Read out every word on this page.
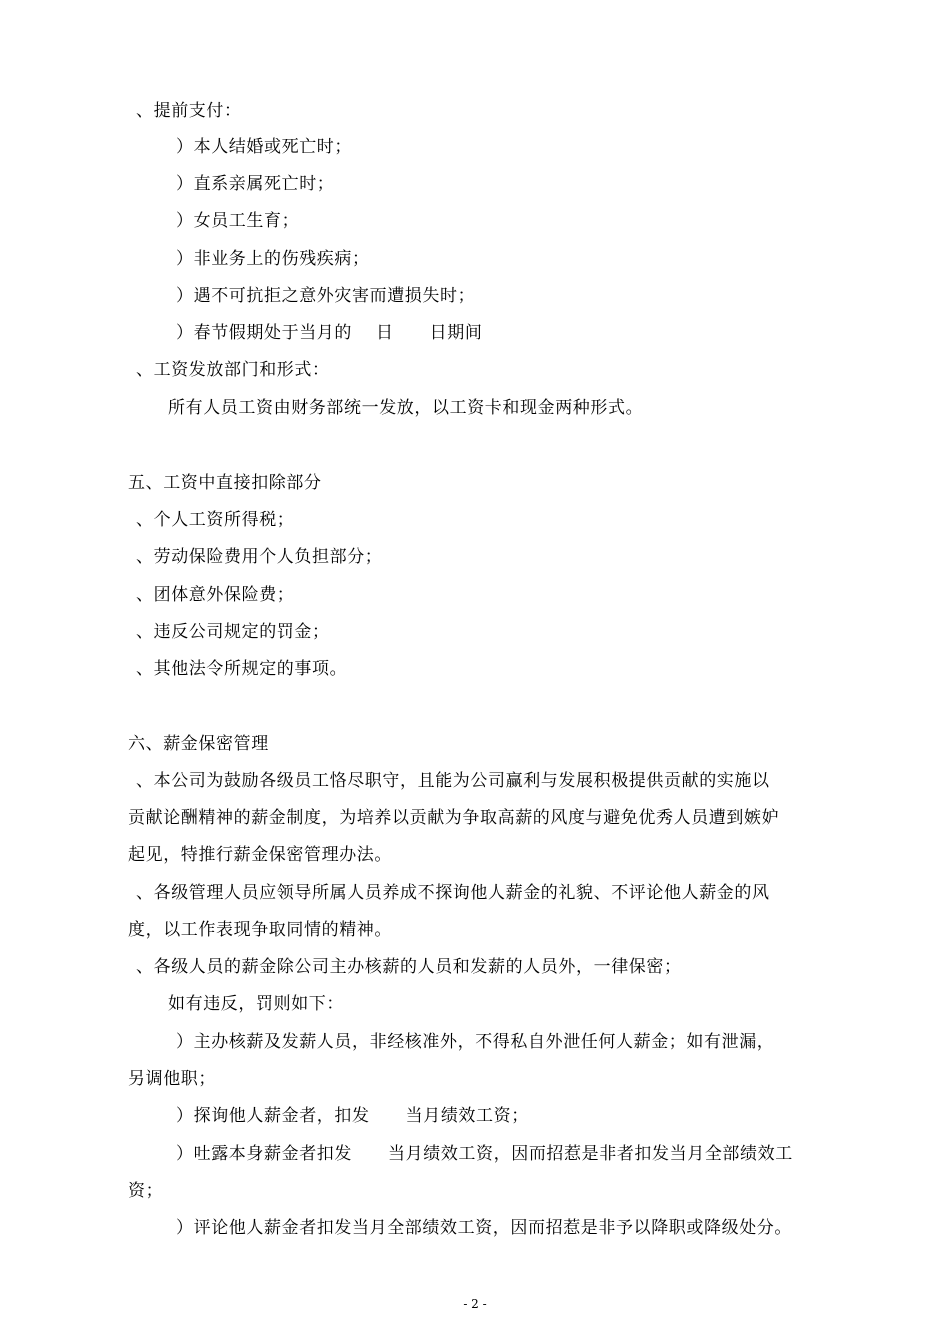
、提前支付：
）本人结婚或死亡时；
）直系亲属死亡时；
）女员工生育；
）非业务上的伤残疾病；
）遇不可抗拒之意外灾害而遭损失时；
）春节假期处于当月的    日      日期间
、工资发放部门和形式：
所有人员工资由财务部统一发放，以工资卡和现金两种形式。
五、工资中直接扣除部分
、个人工资所得税；
、劳动保险费用个人负担部分；
、团体意外保险费；
、违反公司规定的罚金；
、其他法令所规定的事项。
六、薪金保密管理
、本公司为鼓励各级员工恪尽职守，且能为公司赢利与发展积极提供贡献的实施以
贡献论酬精神的薪金制度，为培养以贡献为争取高薪的风度与避免优秀人员遭到嫉妒
起见，特推行薪金保密管理办法。
、各级管理人员应领导所属人员养成不探询他人薪金的礼貌、不评论他人薪金的风
度，以工作表现争取同情的精神。
、各级人员的薪金除公司主办核薪的人员和发薪的人员外，一律保密；
如有违反，罚则如下：
）主办核薪及发薪人员，非经核准外，不得私自外泄任何人薪金；如有泄漏，
另调他职；
）探询他人薪金者，扣发      当月绩效工资；
）吐露本身薪金者扣发      当月绩效工资，因而招惹是非者扣发当月全部绩效工
资；
）评论他人薪金者扣发当月全部绩效工资，因而招惹是非予以降职或降级处分。
- 2 -
